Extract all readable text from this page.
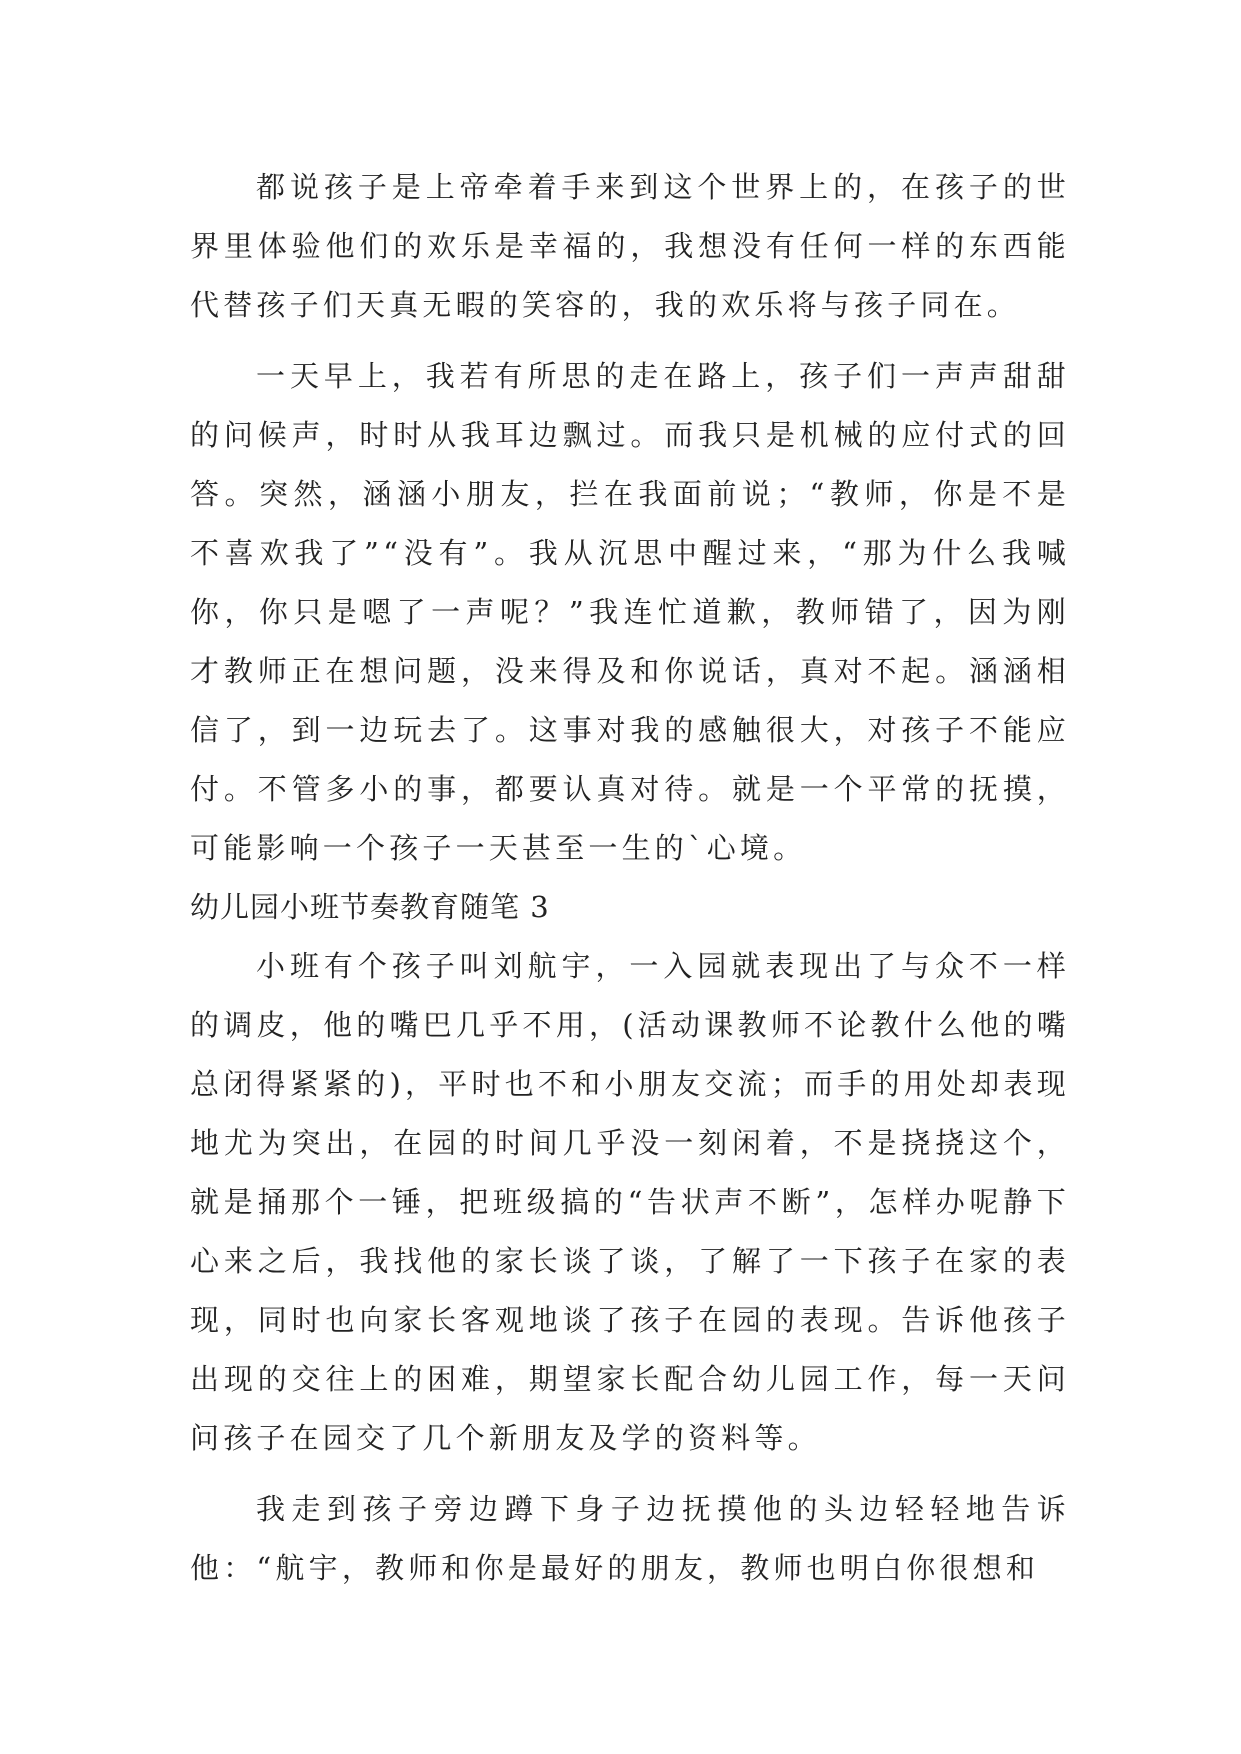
都说孩子是上帝牵着手来到这个世界上的，在孩子的世界里体验他们的欢乐是幸福的，我想没有任何一样的东西能代替孩子们天真无暇的笑容的，我的欢乐将与孩子同在。

一天早上，我若有所思的走在路上，孩子们一声声甜甜的问候声，时时从我耳边飘过。而我只是机械的应付式的回答。突然，涵涵小朋友，拦在我面前说；“教师，你是不是不喜欢我了”“没有”。我从沉思中醒过来，“那为什么我喊你，你只是嗯了一声呢？”我连忙道歉，教师错了，因为刚才教师正在想问题，没来得及和你说话，真对不起。涵涵相信了，到一边玩去了。这事对我的感触很大，对孩子不能应付。不管多小的事，都要认真对待。就是一个平常的抚摸，可能影响一个孩子一天甚至一生的`心境。

幼儿园小班节奏教育随笔 3

小班有个孩子叫刘航宇，一入园就表现出了与众不一样的调皮，他的嘴巴几乎不用，(活动课教师不论教什么他的嘴总闭得紧紧的)，平时也不和小朋友交流；而手的用处却表现地尤为突出，在园的时间几乎没一刻闲着，不是挠挠这个，就是捅那个一锤，把班级搞的“告状声不断”，怎样办呢静下心来之后，我找他的家长谈了谈，了解了一下孩子在家的表现，同时也向家长客观地谈了孩子在园的表现。告诉他孩子出现的交往上的困难，期望家长配合幼儿园工作，每一天问问孩子在园交了几个新朋友及学的资料等。

我走到孩子旁边蹲下身子边抚摸他的头边轻轻地告诉他：“航宇，教师和你是最好的朋友，教师也明白你很想和
